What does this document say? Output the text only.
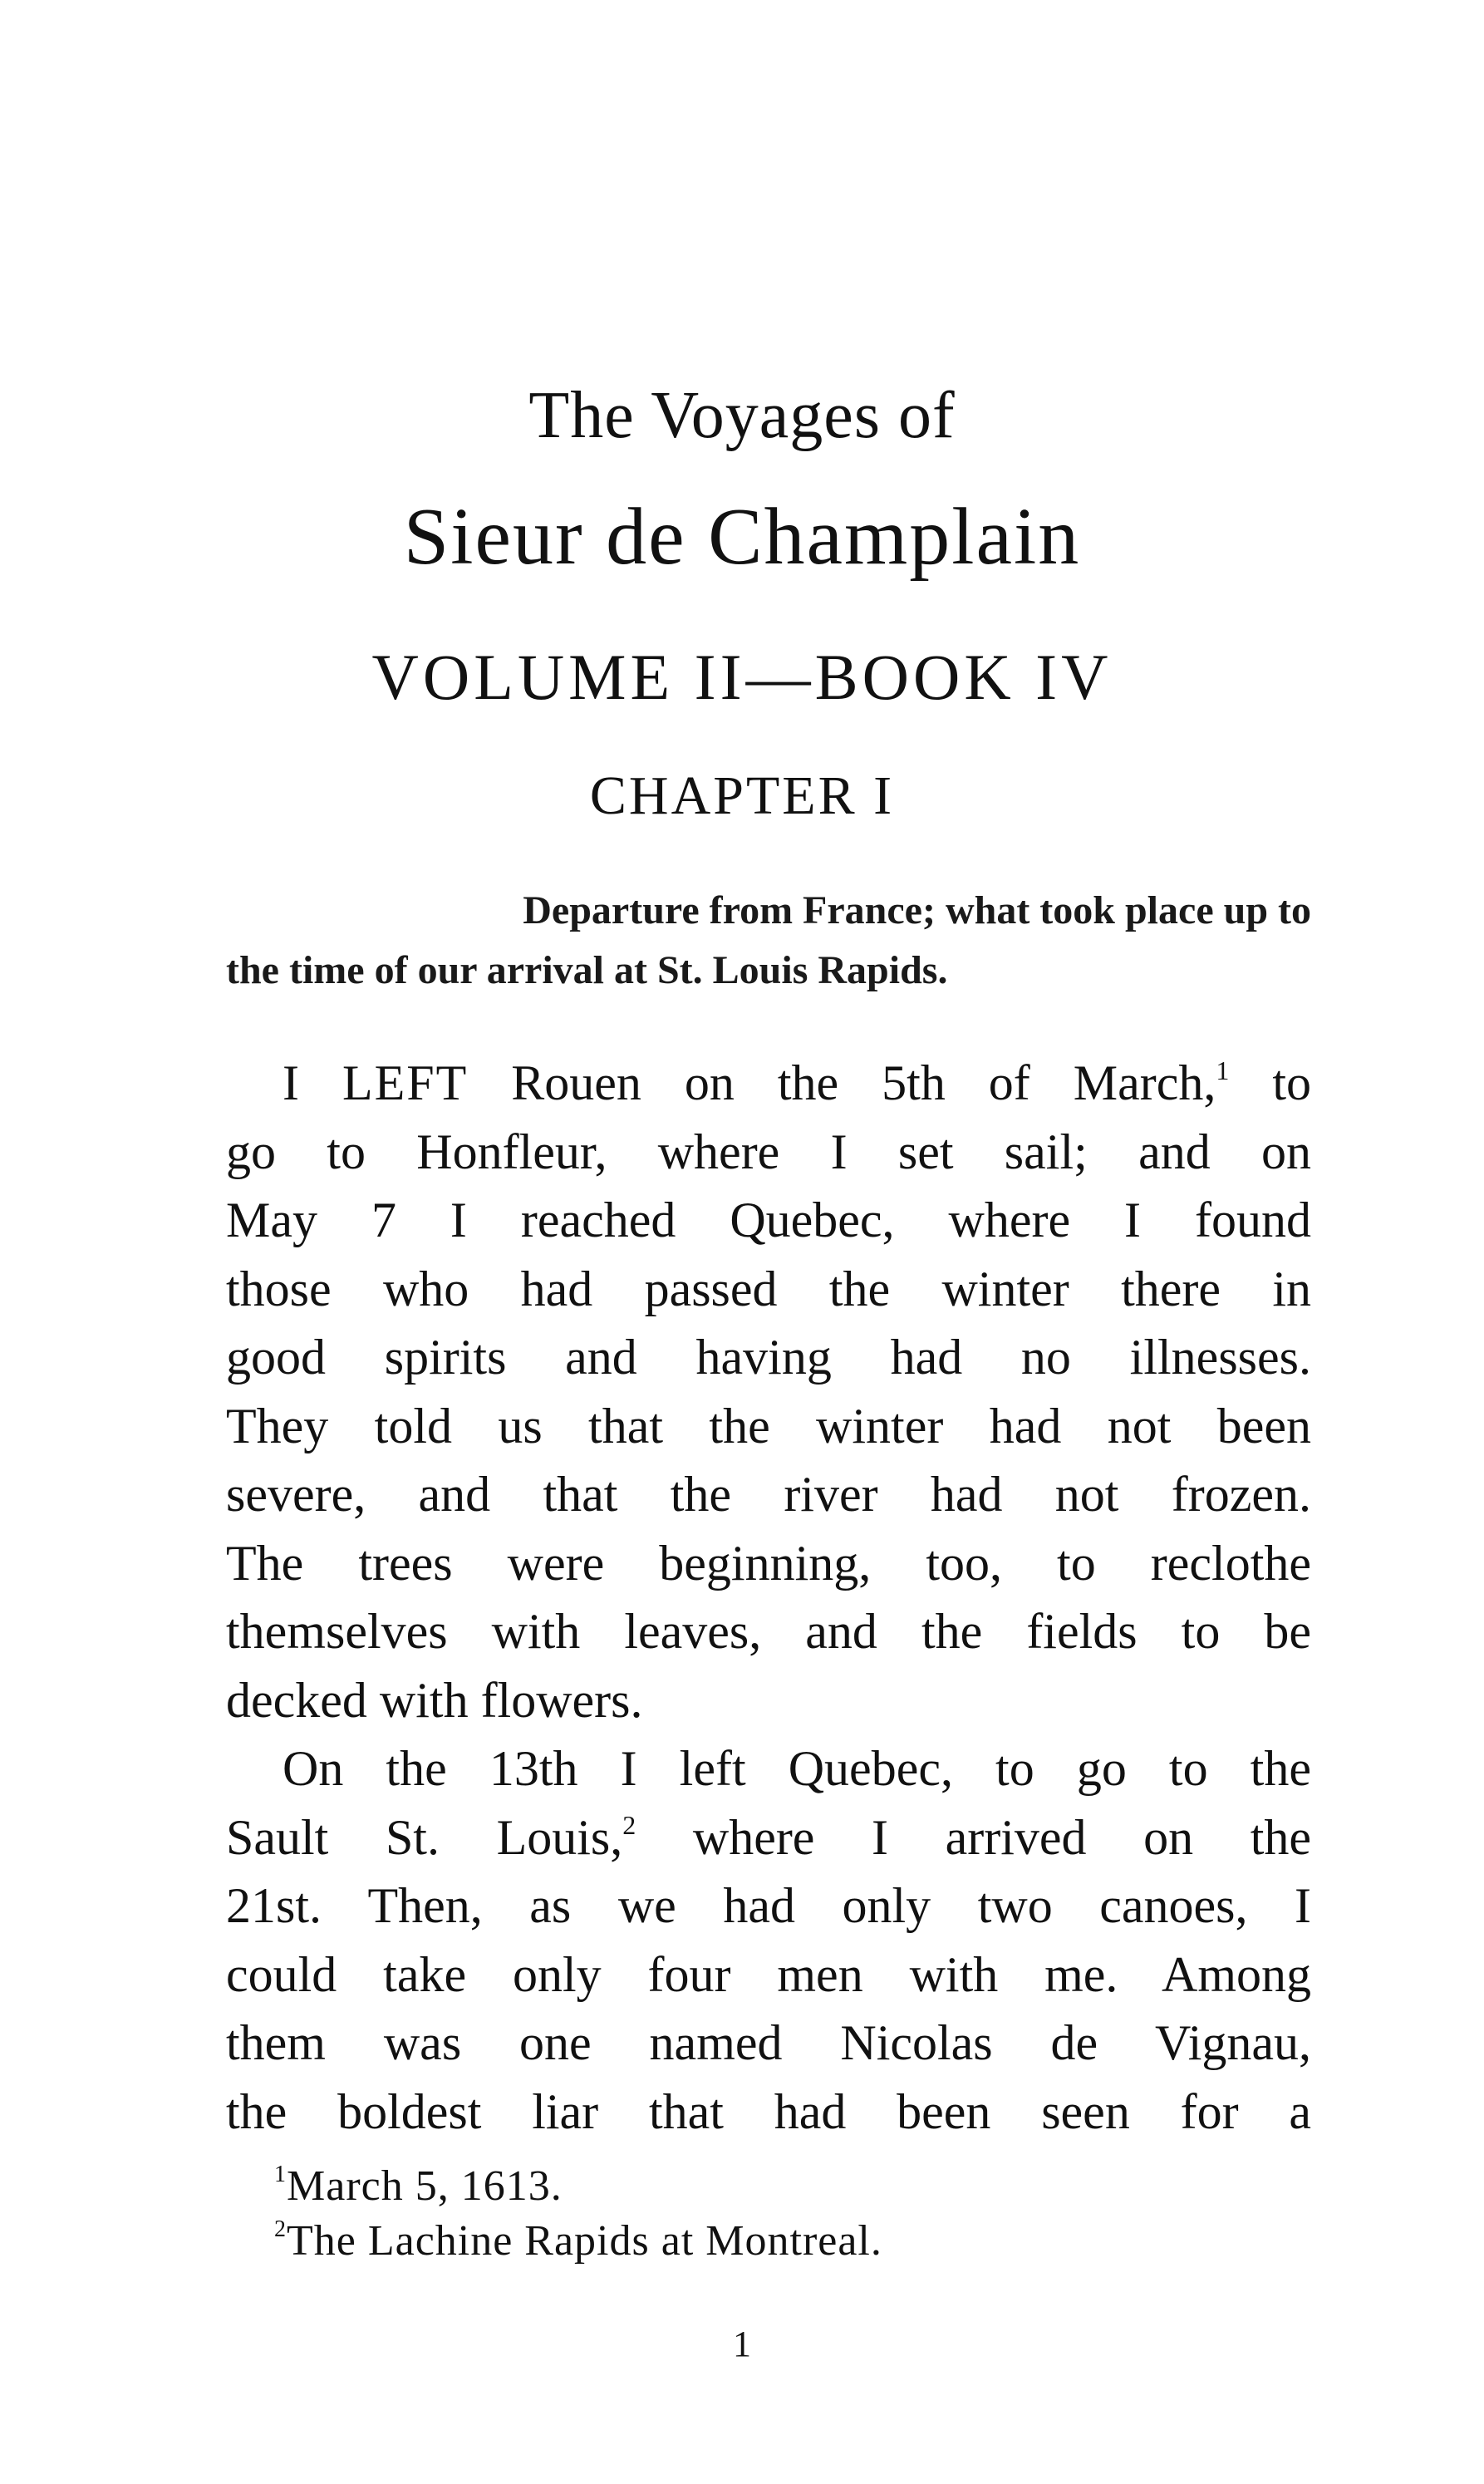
The Voyages of
Sieur de Champlain
VOLUME II—BOOK IV
CHAPTER I
Departure from France; what took place up to
the time of our arrival at St. Louis Rapids.
I LEFT Rouen on the 5th of March,$^1$ to
go to Honfleur, where I set sail; and on
May 7 I reached Quebec, where I found
those who had passed the winter there in
good spirits and having had no illnesses.
They told us that the winter had not been
severe, and that the river had not frozen.
The trees were beginning, too, to reclothe
themselves with leaves, and the fields to be
decked with flowers.
On the 13th I left Quebec, to go to the
Sault St. Louis,$^2$ where I arrived on the
21st. Then, as we had only two canoes, I
could take only four men with me. Among
them was one named Nicolas de Vignau,
the boldest liar that had been seen for a
$^1$March 5, 1613.
$^2$The Lachine Rapids at Montreal.
1
